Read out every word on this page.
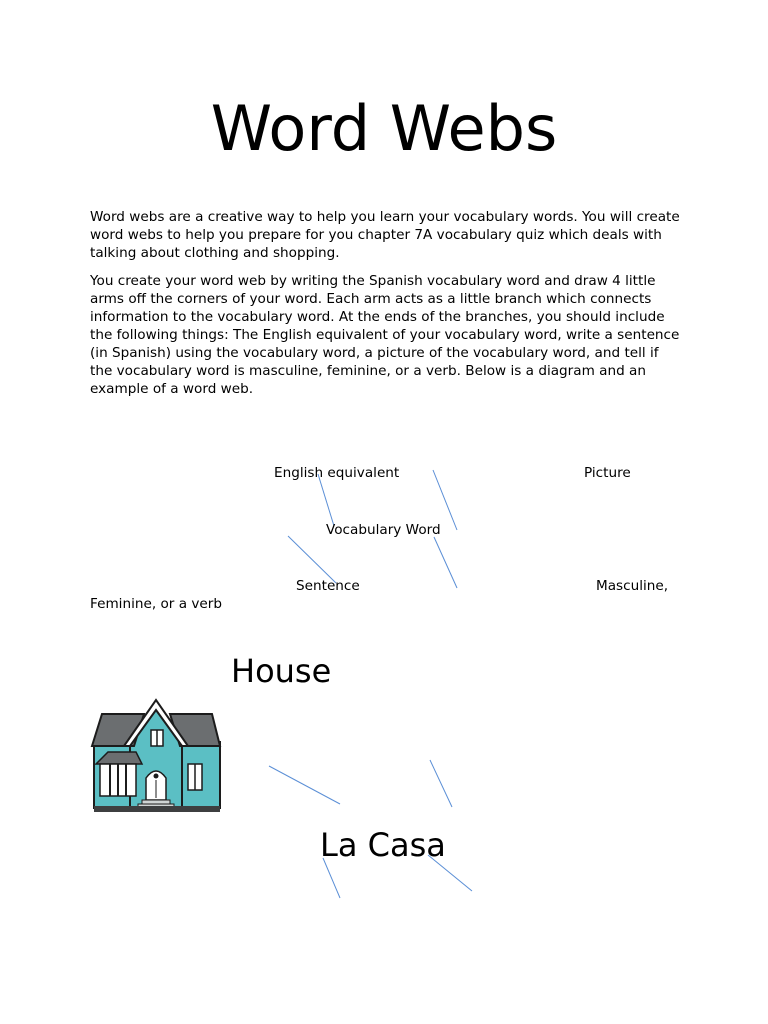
Word Webs

Word webs are a creative way to help you learn your vocabulary words. You will create word webs to help you prepare for you chapter 7A vocabulary quiz which deals with talking about clothing and shopping.

You create your word web by writing the Spanish vocabulary word and draw 4 little arms off the corners of your word. Each arm acts as a little branch which connects information to the vocabulary word. At the ends of the branches, you should include the following things: The English equivalent of your vocabulary word, write a sentence (in Spanish) using the vocabulary word, a picture of the vocabulary word, and tell if the vocabulary word is masculine, feminine, or a verb. Below is a diagram and an example of a word web.

English equivalent	Picture
Vocabulary Word
Sentence	Masculine,
Feminine, or a verb
House
La Casa
